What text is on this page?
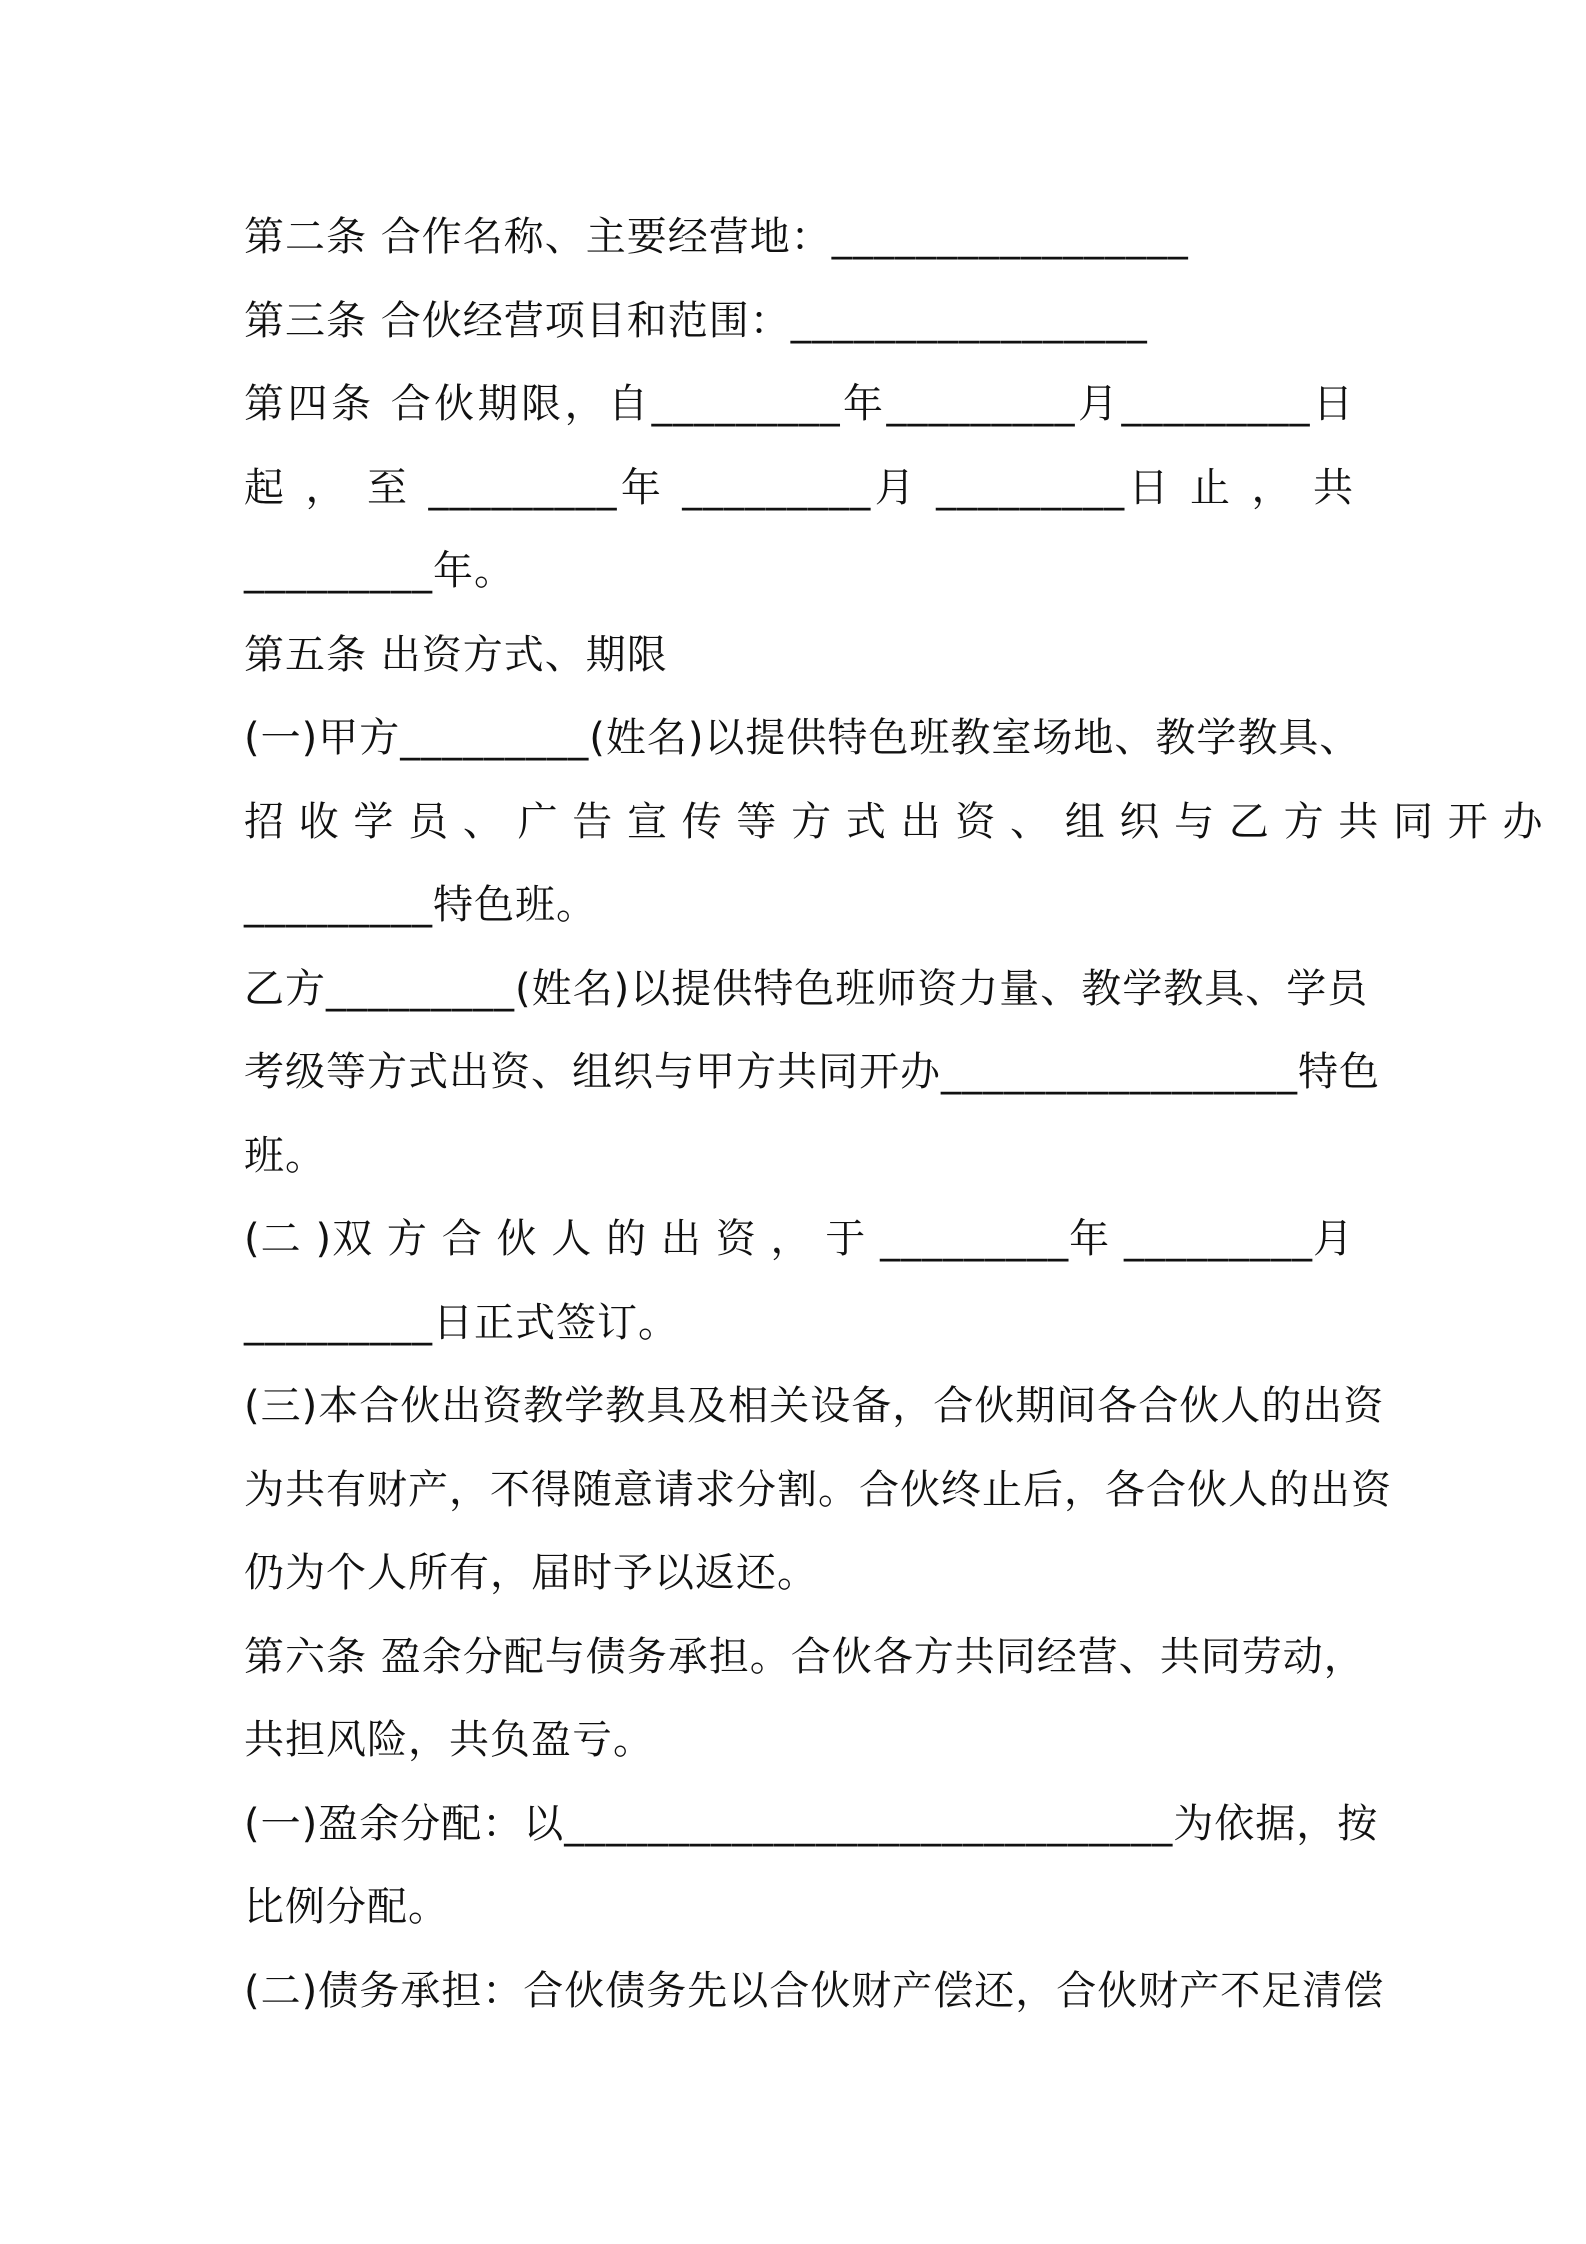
第二条 合作名称、主要经营地：_________________
第三条 合伙经营项目和范围：_________________
第四条 合伙期限，自_________年_________月_________日
起 ， 至 _________年 _________月 _________日 止 ， 共
_________年。
第五条 出资方式、期限
(一)甲方_________(姓名)以提供特色班教室场地、教学教具、
招 收 学 员 、 广 告 宣 传 等 方 式 出 资 、 组 织 与 乙 方 共 同 开 办
_________特色班。
乙方_________(姓名)以提供特色班师资力量、教学教具、学员
考级等方式出资、组织与甲方共同开办_________________特色
班。
(二 )双 方 合 伙 人 的 出 资 ， 于 _________年 _________月
_________日正式签订。
(三)本合伙出资教学教具及相关设备，合伙期间各合伙人的出资
为共有财产，不得随意请求分割。合伙终止后，各合伙人的出资
仍为个人所有，届时予以返还。
第六条 盈余分配与债务承担。合伙各方共同经营、共同劳动，
共担风险，共负盈亏。
(一)盈余分配：以_____________________________为依据，按
比例分配。
(二)债务承担：合伙债务先以合伙财产偿还，合伙财产不足清偿
